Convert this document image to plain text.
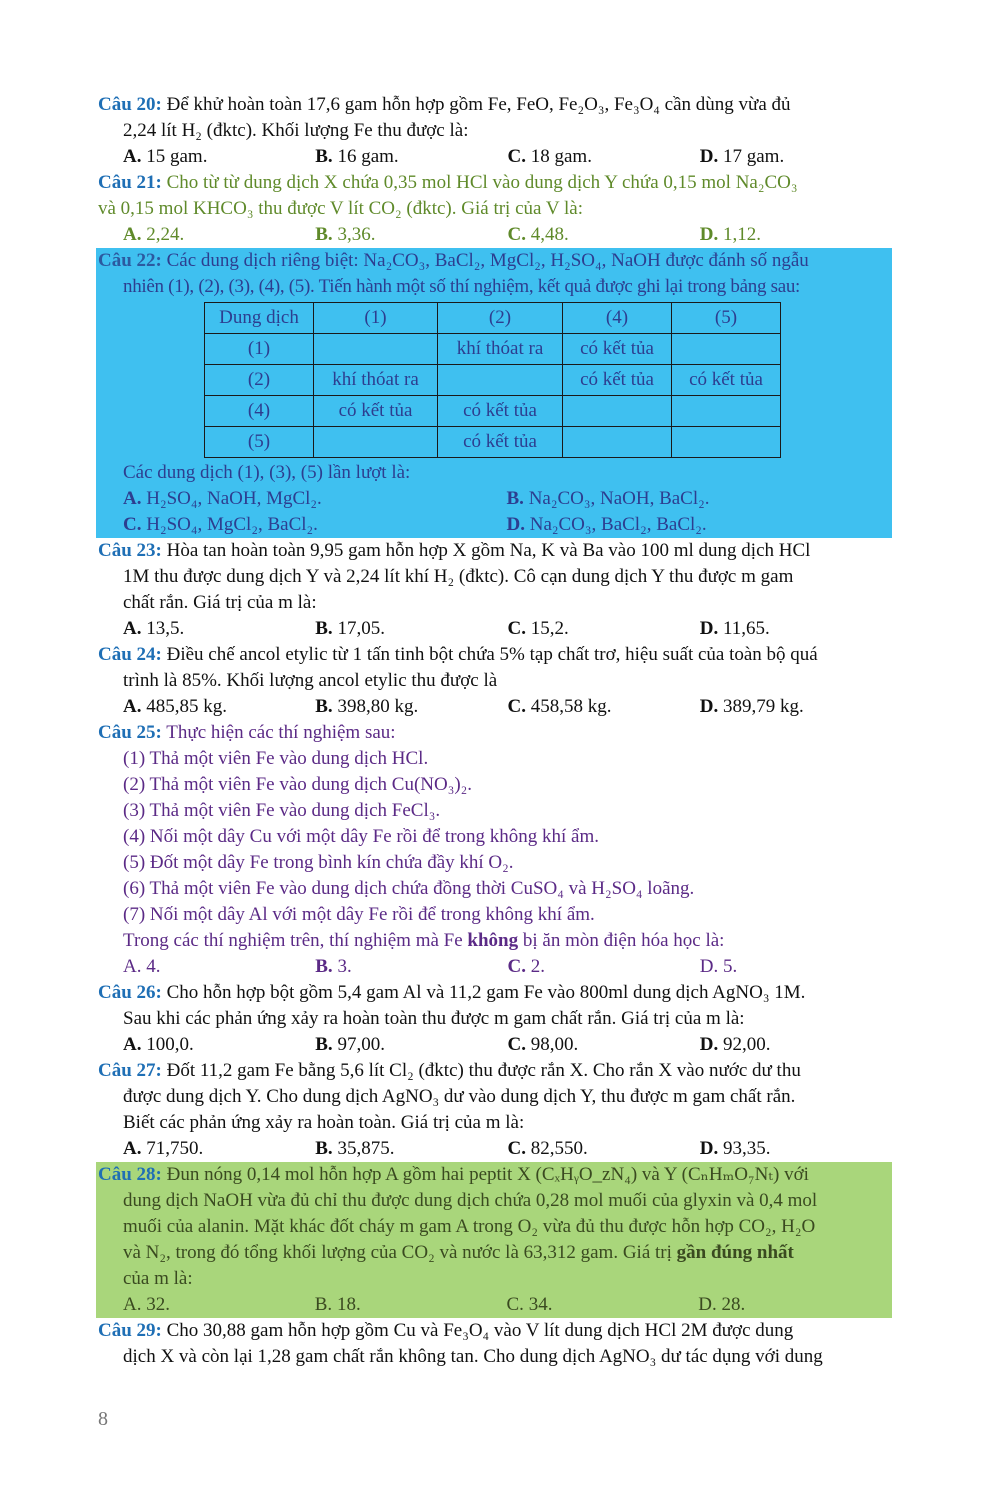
Câu 20: Để khử hoàn toàn 17,6 gam hỗn hợp gồm Fe, FeO, Fe₂O₃, Fe₃O₄ cần dùng vừa đủ
2,24 lít H₂ (đktc). Khối lượng Fe thu được là:
A. 15 gam.	B. 16 gam.	C. 18 gam.	D. 17 gam.
Câu 21: Cho từ từ dung dịch X chứa 0,35 mol HCl vào dung dịch Y chứa 0,15 mol Na₂CO₃
và 0,15 mol KHCO₃ thu được V lít CO₂ (đktc). Giá trị của V là:
A. 2,24.	B. 3,36.	C. 4,48.	D. 1,12.
Câu 22: Các dung dịch riêng biệt: Na₂CO₃, BaCl₂, MgCl₂, H₂SO₄, NaOH được đánh số ngẫu
nhiên (1), (2), (3), (4), (5). Tiến hành một số thí nghiệm, kết quả được ghi lại trong bảng sau:
Dung dịch	(1)	(2)	(4)	(5)
(1)		khí thóat ra	có kết tủa	
(2)	khí thóat ra		có kết tủa	có kết tủa
(4)	có kết tủa	có kết tủa		
(5)		có kết tủa		
Các dung dịch (1), (3), (5) lần lượt là:
A. H₂SO₄, NaOH, MgCl₂.	B. Na₂CO₃, NaOH, BaCl₂.
C. H₂SO₄, MgCl₂, BaCl₂.	D. Na₂CO₃, BaCl₂, BaCl₂.
Câu 23: Hòa tan hoàn toàn 9,95 gam hỗn hợp X gồm Na, K và Ba vào 100 ml dung dịch HCl
1M thu được dung dịch Y và 2,24 lít khí H₂ (đktc). Cô cạn dung dịch Y thu được m gam
chất rắn. Giá trị của m là:
A. 13,5.	B. 17,05.	C. 15,2.	D. 11,65.
Câu 24: Điều chế ancol etylic từ 1 tấn tinh bột chứa 5% tạp chất trơ, hiệu suất của toàn bộ quá
trình là 85%. Khối lượng ancol etylic thu được là
A. 485,85 kg.	B. 398,80 kg.	C. 458,58 kg.	D. 389,79 kg.
Câu 25: Thực hiện các thí nghiệm sau:
(1) Thả một viên Fe vào dung dịch HCl.
(2) Thả một viên Fe vào dung dịch Cu(NO₃)₂.
(3) Thả một viên Fe vào dung dịch FeCl₃.
(4) Nối một dây Cu với một dây Fe rồi để trong không khí ẩm.
(5) Đốt một dây Fe trong bình kín chứa đầy khí O₂.
(6) Thả một viên Fe vào dung dịch chứa đồng thời CuSO₄ và H₂SO₄ loãng.
(7) Nối một dây Al với một dây Fe rồi để trong không khí ẩm.
Trong các thí nghiệm trên, thí nghiệm mà Fe không bị ăn mòn điện hóa học là:
A. 4.	B. 3.	C. 2.	D. 5.
Câu 26: Cho hỗn hợp bột gồm 5,4 gam Al và 11,2 gam Fe vào 800ml dung dịch AgNO₃ 1M.
Sau khi các phản ứng xảy ra hoàn toàn thu được m gam chất rắn. Giá trị của m là:
A. 100,0.	B. 97,00.	C. 98,00.	D. 92,00.
Câu 27: Đốt 11,2 gam Fe bằng 5,6 lít Cl₂ (đktc) thu được rắn X. Cho rắn X vào nước dư thu
được dung dịch Y. Cho dung dịch AgNO₃ dư vào dung dịch Y, thu được m gam chất rắn.
Biết các phản ứng xảy ra hoàn toàn. Giá trị của m là:
A. 71,750.	B. 35,875.	C. 82,550.	D. 93,35.
Câu 28: Đun nóng 0,14 mol hỗn hợp A gồm hai peptit X (CₓHᵧO_zN₄) và Y (CₙHₘO₇Nₜ) với
dung dịch NaOH vừa đủ chỉ thu được dung dịch chứa 0,28 mol muối của glyxin và 0,4 mol
muối của alanin. Mặt khác đốt cháy m gam A trong O₂ vừa đủ thu được hỗn hợp CO₂, H₂O
và N₂, trong đó tổng khối lượng của CO₂ và nước là 63,312 gam. Giá trị gần đúng nhất
của m là:
A. 32.	B. 18.	C. 34.	D. 28.
Câu 29: Cho 30,88 gam hỗn hợp gồm Cu và Fe₃O₄ vào V lít dung dịch HCl 2M được dung
dịch X và còn lại 1,28 gam chất rắn không tan. Cho dung dịch AgNO₃ dư tác dụng với dung
8
